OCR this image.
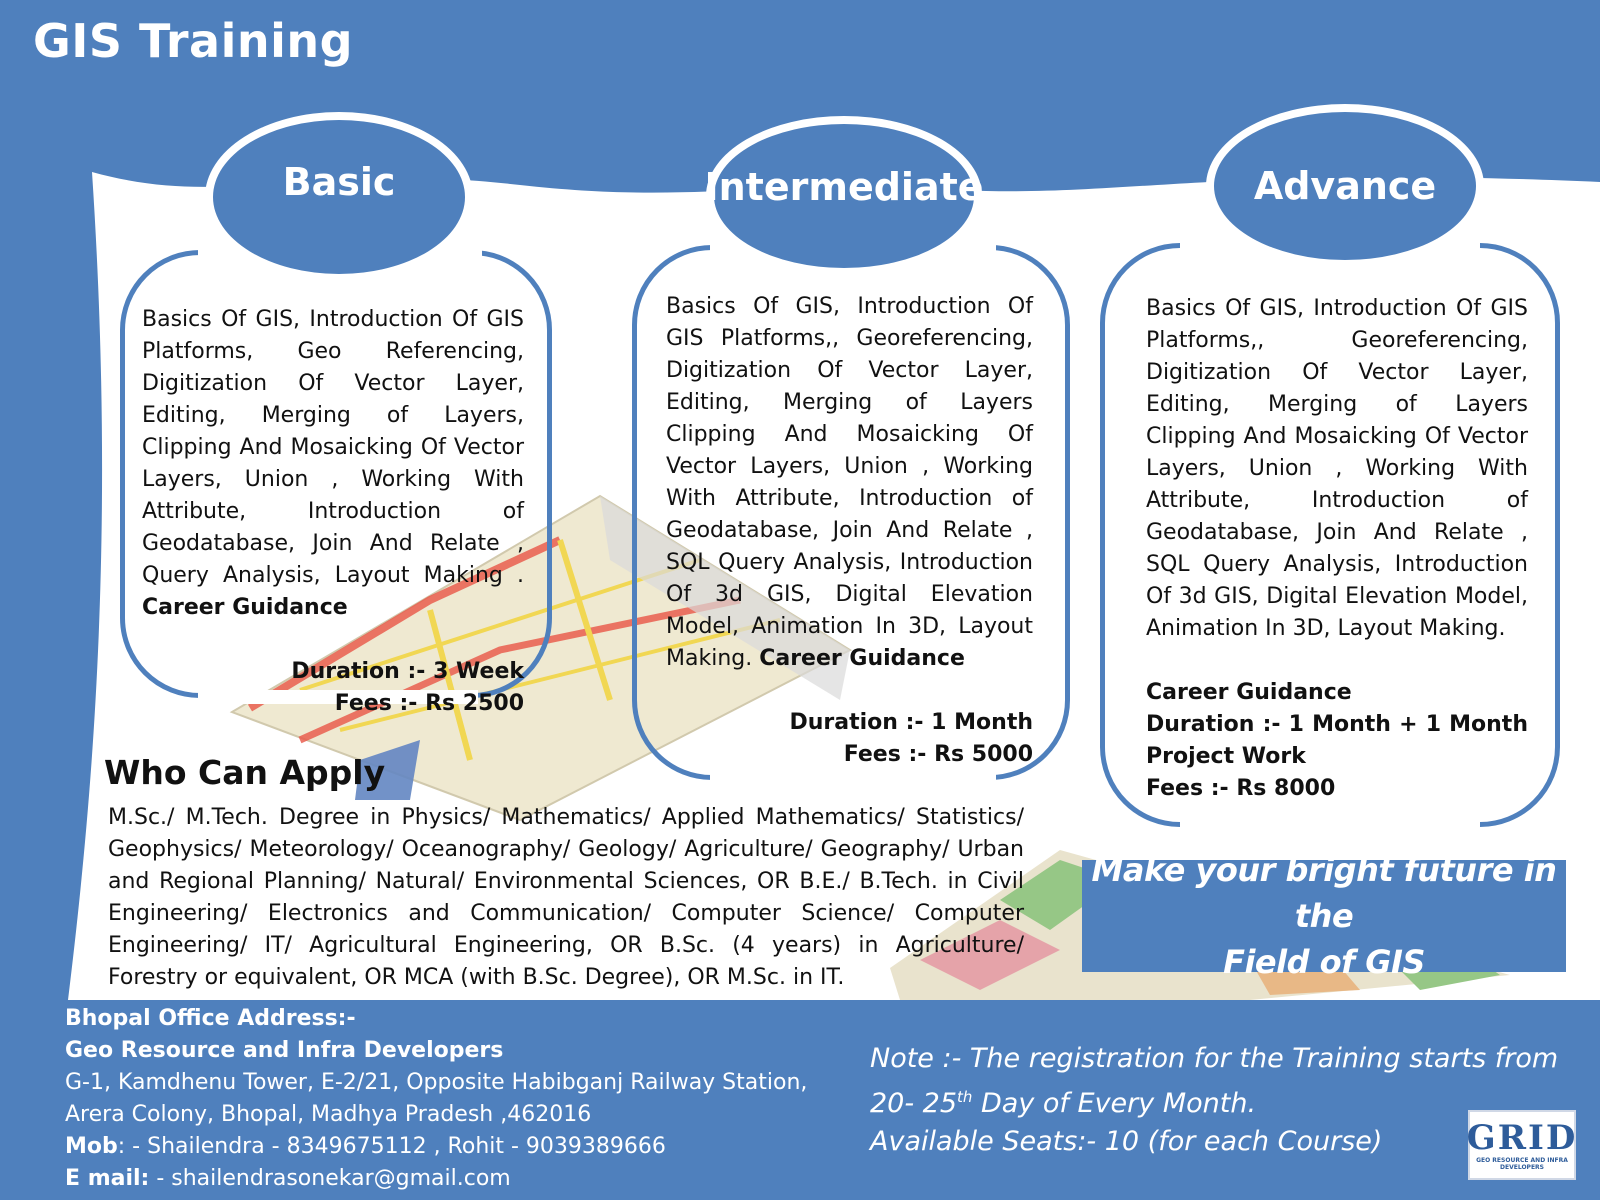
GIS Training
Basic
Basics Of GIS, Introduction Of GIS Platforms, Geo Referencing, Digitization Of Vector Layer, Editing, Merging of Layers, Clipping And Mosaicking Of Vector Layers, Union , Working With Attribute, Introduction of Geodatabase, Join And Relate , Query Analysis, Layout Making . Career Guidance
Duration :- 3 Week
Fees :- Rs 2500
Intermediate
Basics Of GIS, Introduction Of GIS Platforms,, Georeferencing, Digitization Of Vector Layer, Editing, Merging of Layers Clipping And Mosaicking Of Vector Layers, Union , Working With Attribute, Introduction of Geodatabase, Join And Relate , SQL Query Analysis, Introduction Of 3d GIS, Digital Elevation Model, Animation In 3D, Layout Making. Career Guidance
Duration :- 1 Month
Fees :- Rs 5000
Advance
Basics Of GIS, Introduction Of GIS Platforms,, Georeferencing, Digitization Of Vector Layer, Editing, Merging of Layers Clipping And Mosaicking Of Vector Layers, Union , Working With Attribute, Introduction of Geodatabase, Join And Relate , SQL Query Analysis, Introduction Of 3d GIS, Digital Elevation Model, Animation In 3D, Layout Making.
Career Guidance
Duration :- 1 Month + 1 Month Project Work
Fees :- Rs 8000
Who Can Apply
M.Sc./ M.Tech. Degree in Physics/ Mathematics/ Applied Mathematics/ Statistics/ Geophysics/ Meteorology/ Oceanography/ Geology/ Agriculture/ Geography/ Urban and Regional Planning/ Natural/ Environmental Sciences, OR B.E./ B.Tech. in Civil Engineering/ Electronics and Communication/ Computer Science/ Computer Engineering/ IT/ Agricultural Engineering, OR B.Sc. (4 years) in Agriculture/ Forestry or equivalent, OR MCA (with B.Sc. Degree), OR M.Sc. in IT.
Make your bright future in the
Field of GIS
Bhopal Office Address:-
Geo Resource and Infra Developers
G-1, Kamdhenu Tower, E-2/21, Opposite Habibganj Railway Station,
Arera Colony, Bhopal, Madhya Pradesh ,462016
Mob: - Shailendra - 8349675112 , Rohit - 9039389666
E mail: - shailendrasonekar@gmail.com
Note :- The registration for the Training starts from
20- 25th Day of Every Month.
Available Seats:- 10 (for each Course)	GRID
GEO RESOURCE AND INFRA DEVELOPERS
